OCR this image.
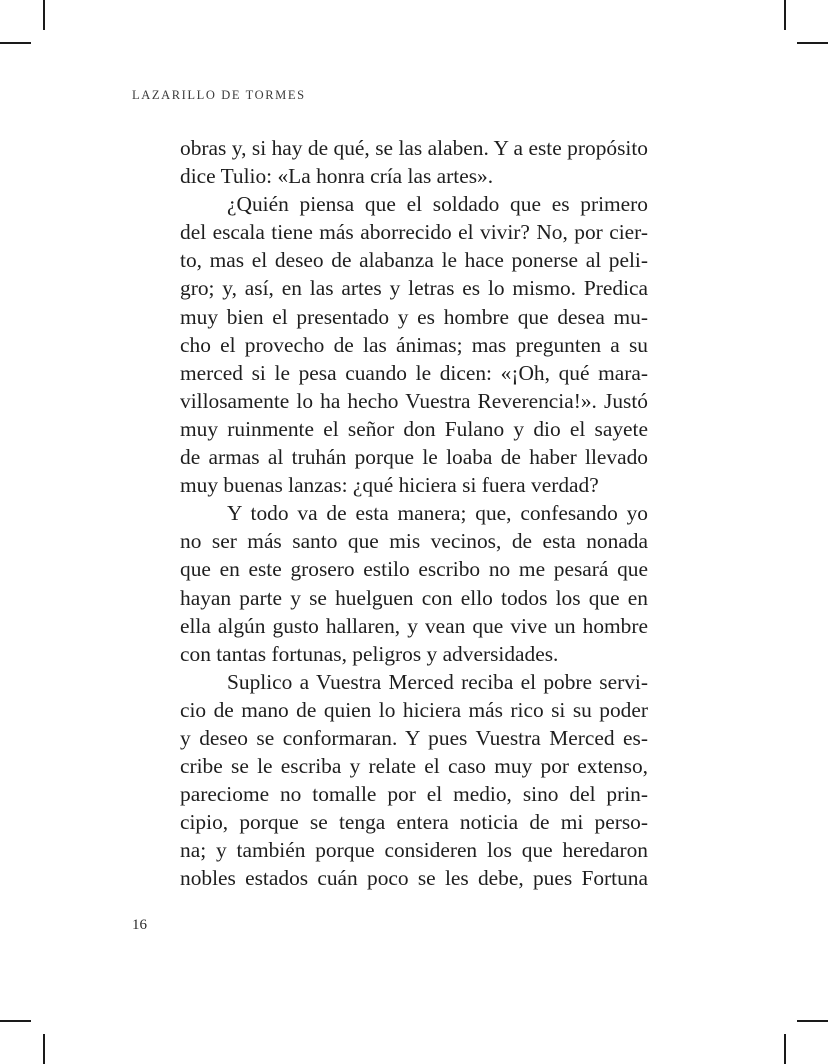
LAZARILLO DE TORMES
obras y, si hay de qué, se las alaben. Y a este propósito
dice Tulio: «La honra cría las artes».
¿Quién piensa que el soldado que es primero
del escala tiene más aborrecido el vivir? No, por cier-
to, mas el deseo de alabanza le hace ponerse al peli-
gro; y, así, en las artes y letras es lo mismo. Predica
muy bien el presentado y es hombre que desea mu-
cho el provecho de las ánimas; mas pregunten a su
merced si le pesa cuando le dicen: «¡Oh, qué mara-
villosamente lo ha hecho Vuestra Reverencia!». Justó
muy ruinmente el señor don Fulano y dio el sayete
de armas al truhán porque le loaba de haber llevado
muy buenas lanzas: ¿qué hiciera si fuera verdad?
Y todo va de esta manera; que, confesando yo
no ser más santo que mis vecinos, de esta nonada
que en este grosero estilo escribo no me pesará que
hayan parte y se huelguen con ello todos los que en
ella algún gusto hallaren, y vean que vive un hombre
con tantas fortunas, peligros y adversidades.
Suplico a Vuestra Merced reciba el pobre servi-
cio de mano de quien lo hiciera más rico si su poder
y deseo se conformaran. Y pues Vuestra Merced es-
cribe se le escriba y relate el caso muy por extenso,
pareciome no tomalle por el medio, sino del prin-
cipio, porque se tenga entera noticia de mi perso-
na; y también porque consideren los que heredaron
nobles estados cuán poco se les debe, pues Fortuna
16
